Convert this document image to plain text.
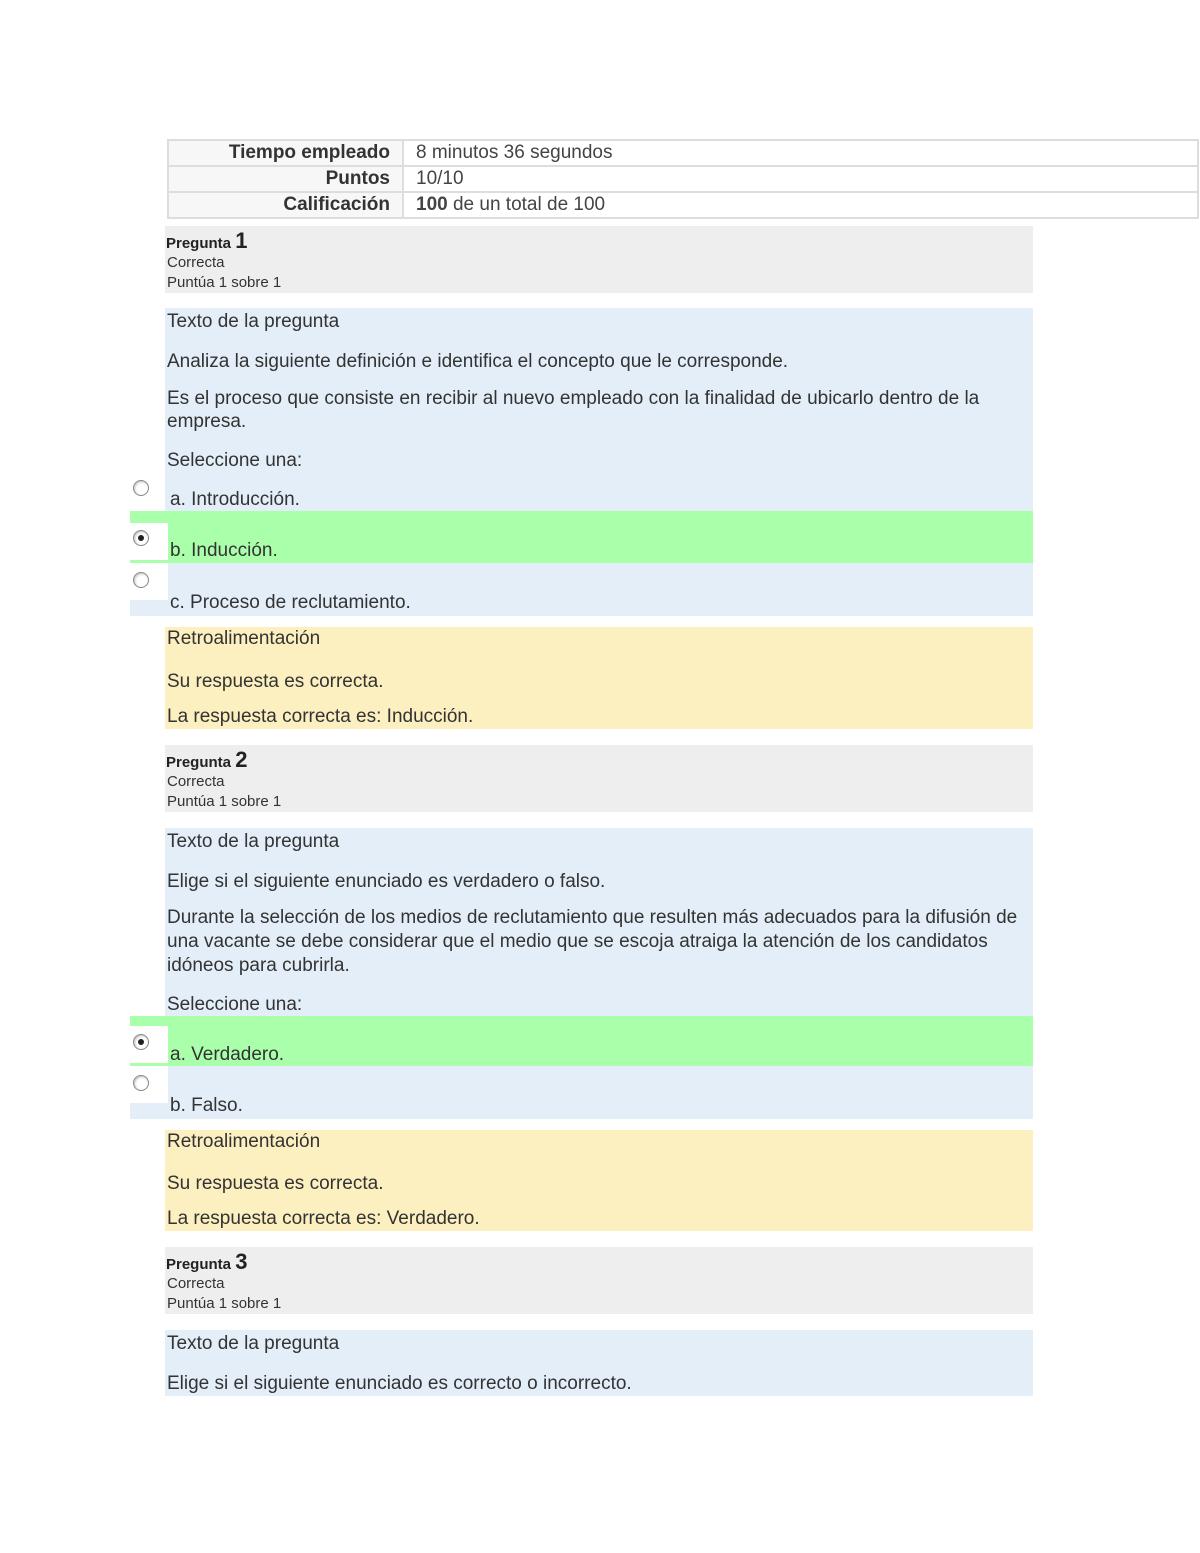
Tiempo empleado	8 minutos 36 segundos
Puntos	10/10
Calificación	100 de un total de 100
Pregunta 1
Correcta
Puntúa 1 sobre 1
Texto de la pregunta
Analiza la siguiente definición e identifica el concepto que le corresponde.
Es el proceso que consiste en recibir al nuevo empleado con la finalidad de ubicarlo dentro de la empresa.
Seleccione una:
a. Introducción.
b. Inducción.
c. Proceso de reclutamiento.
Retroalimentación
Su respuesta es correcta.
La respuesta correcta es: Inducción.
Pregunta 2
Correcta
Puntúa 1 sobre 1
Texto de la pregunta
Elige si el siguiente enunciado es verdadero o falso.
Durante la selección de los medios de reclutamiento que resulten más adecuados para la difusión de una vacante se debe considerar que el medio que se escoja atraiga la atención de los candidatos idóneos para cubrirla.
Seleccione una:
a. Verdadero.
b. Falso.
Retroalimentación
Su respuesta es correcta.
La respuesta correcta es: Verdadero.
Pregunta 3
Correcta
Puntúa 1 sobre 1
Texto de la pregunta
Elige si el siguiente enunciado es correcto o incorrecto.
